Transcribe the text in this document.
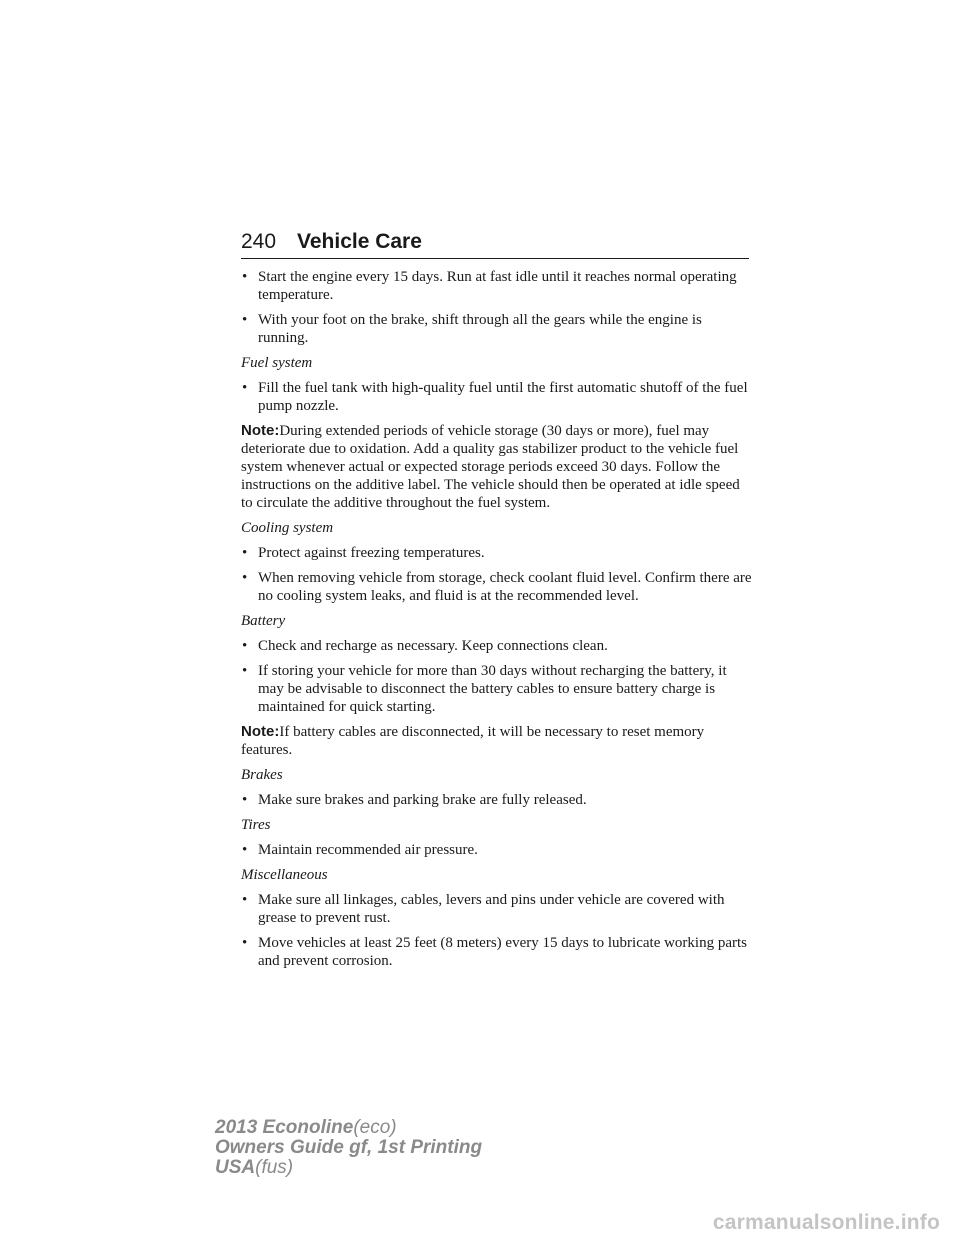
240 Vehicle Care
• Start the engine every 15 days. Run at fast idle until it reaches normal operating temperature.
• With your foot on the brake, shift through all the gears while the engine is running.
Fuel system
• Fill the fuel tank with high-quality fuel until the first automatic shutoff of the fuel pump nozzle.
Note:During extended periods of vehicle storage (30 days or more), fuel may deteriorate due to oxidation. Add a quality gas stabilizer product to the vehicle fuel system whenever actual or expected storage periods exceed 30 days. Follow the instructions on the additive label. The vehicle should then be operated at idle speed to circulate the additive throughout the fuel system.
Cooling system
• Protect against freezing temperatures.
• When removing vehicle from storage, check coolant fluid level. Confirm there are no cooling system leaks, and fluid is at the recommended level.
Battery
• Check and recharge as necessary. Keep connections clean.
• If storing your vehicle for more than 30 days without recharging the battery, it may be advisable to disconnect the battery cables to ensure battery charge is maintained for quick starting.
Note:If battery cables are disconnected, it will be necessary to reset memory features.
Brakes
• Make sure brakes and parking brake are fully released.
Tires
• Maintain recommended air pressure.
Miscellaneous
• Make sure all linkages, cables, levers and pins under vehicle are covered with grease to prevent rust.
• Move vehicles at least 25 feet (8 meters) every 15 days to lubricate working parts and prevent corrosion.
2013 Econoline(eco)
Owners Guide gf, 1st Printing
USA(fus)
carmanualsonline.info
